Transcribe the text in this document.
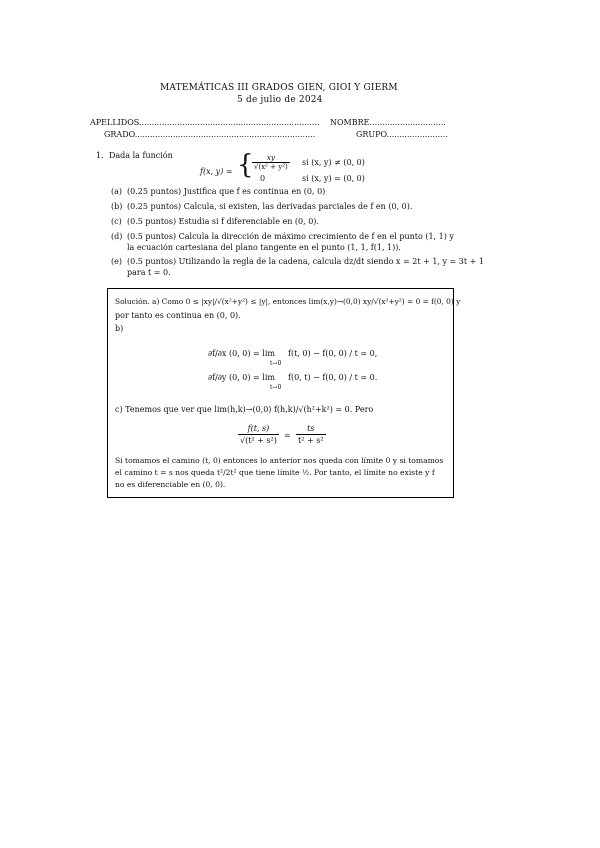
MATEMÁTICAS III GRADOS GIEN, GIOI Y GIERM
5 de julio de 2024
APELLIDOS....................................................................... NOMBRE..............................
GRADO.......................................................................	GRUPO........................
1. Dada la función
f(x, y) = {
$\frac{xy}{\text{√(x² + y²)}}$ si (x, y) ≠ (0, 0)
0	si (x, y) = (0, 0)
(a) (0.25 puntos) Justifica que f es continua en (0, 0)
(b) (0.25 puntos) Calcula, si existen, las derivadas parciales de f en (0, 0).
(c) (0.5 puntos) Estudia si f diferenciable en (0, 0).
(d) (0.5 puntos) Calcula la dirección de máximo crecimiento de f en el punto (1, 1) y
la ecuación cartesiana del plano tangente en el punto (1, 1, f(1, 1)).
(e) (0.5 puntos) Utilizando la regla de la cadena, calcula dz/dt siendo x = 2t + 1, y = 3t + 1
para t = 0.
Solución. a) Como 0 ≤ |xy|/√(x²+y²) ≤ |y|, entonces lim(x,y)→(0,0) xy/√(x²+y²) = 0 = f(0, 0) y
por tanto es continua en (0, 0).
b)
∂f/∂x (0, 0) = lim
t→0
f(t, 0) − f(0, 0) / t = 0,
∂f/∂y (0, 0) = lim
t→0
f(0, t) − f(0, 0) / t = 0.
c) Tenemos que ver que lim(h,k)→(0,0) f(h,k)/√(h²+k²) = 0. Pero
$\frac{f(t, s)}{\text{√(t² + s²)}} = \frac{ts}{\text{t² + s²}}$
Si tomamos el camino (t, 0) entonces lo anterior nos queda con límite 0 y si tomamos
el camino t = s nos queda t²/2t² que tiene límite ½. Por tanto, el límite no existe y f
no es diferenciable en (0, 0).
